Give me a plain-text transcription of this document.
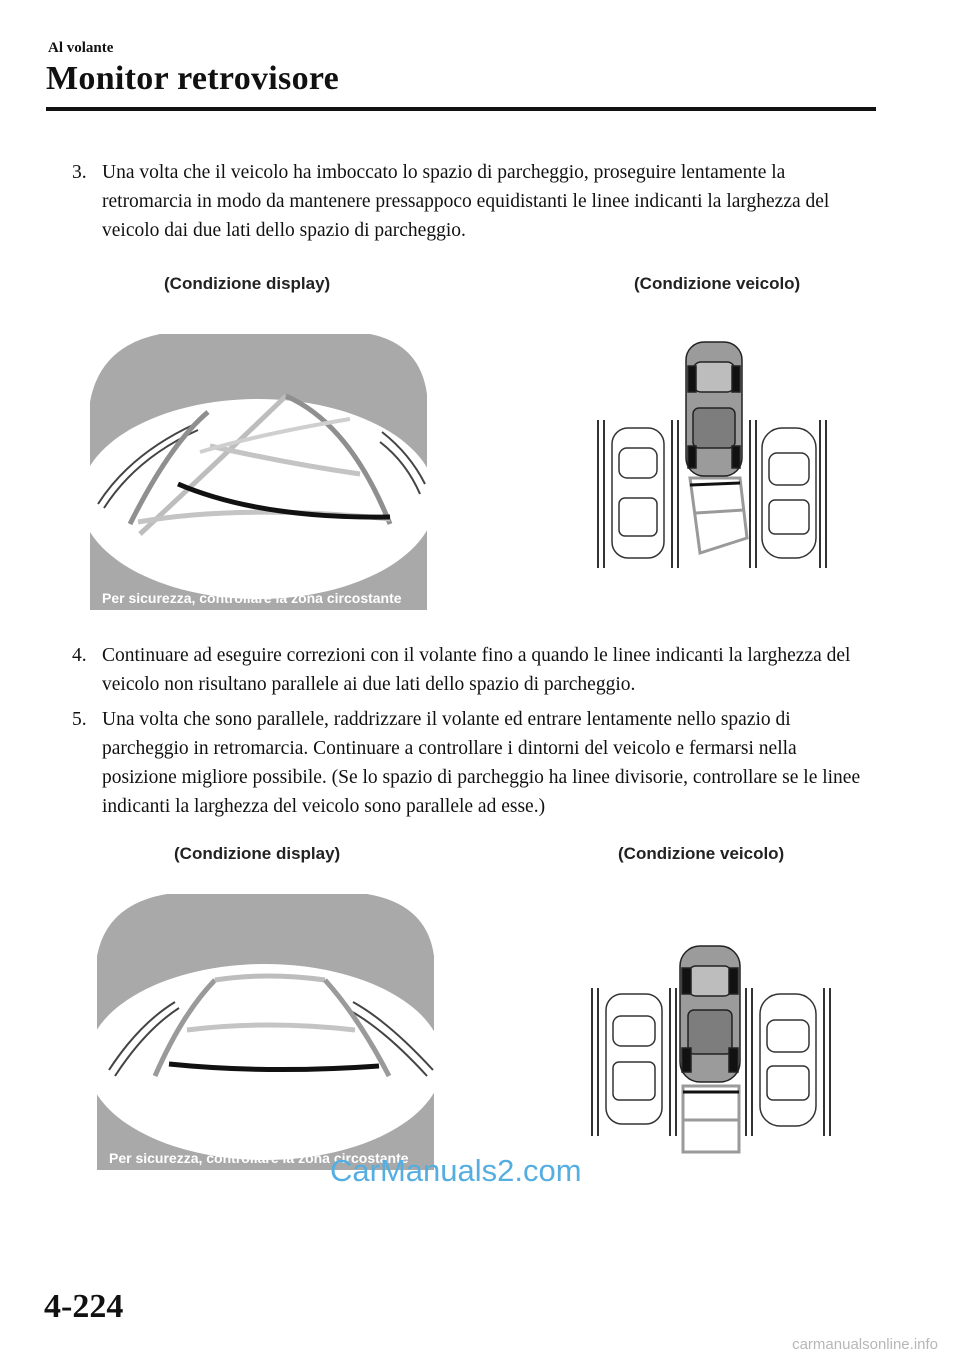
Al volante
Monitor retrovisore
3. Una volta che il veicolo ha imboccato lo spazio di parcheggio, proseguire lentamente la retromarcia in modo da mantenere pressappoco equidistanti le linee indicanti la larghezza del veicolo dai due lati dello spazio di parcheggio.
(Condizione display)	(Condizione veicolo)
Per sicurezza, controllare la zona circostante
4. Continuare ad eseguire correzioni con il volante fino a quando le linee indicanti la larghezza del veicolo non risultano parallele ai due lati dello spazio di parcheggio.
5. Una volta che sono parallele, raddrizzare il volante ed entrare lentamente nello spazio di parcheggio in retromarcia. Continuare a controllare i dintorni del veicolo e fermarsi nella posizione migliore possibile. (Se lo spazio di parcheggio ha linee divisorie, controllare se le linee indicanti la larghezza del veicolo sono parallele ad esse.)
(Condizione display)	(Condizione veicolo)
Per sicurezza, controllare la zona circostante
CarManuals2.com
4-224
carmanualsonline.info
